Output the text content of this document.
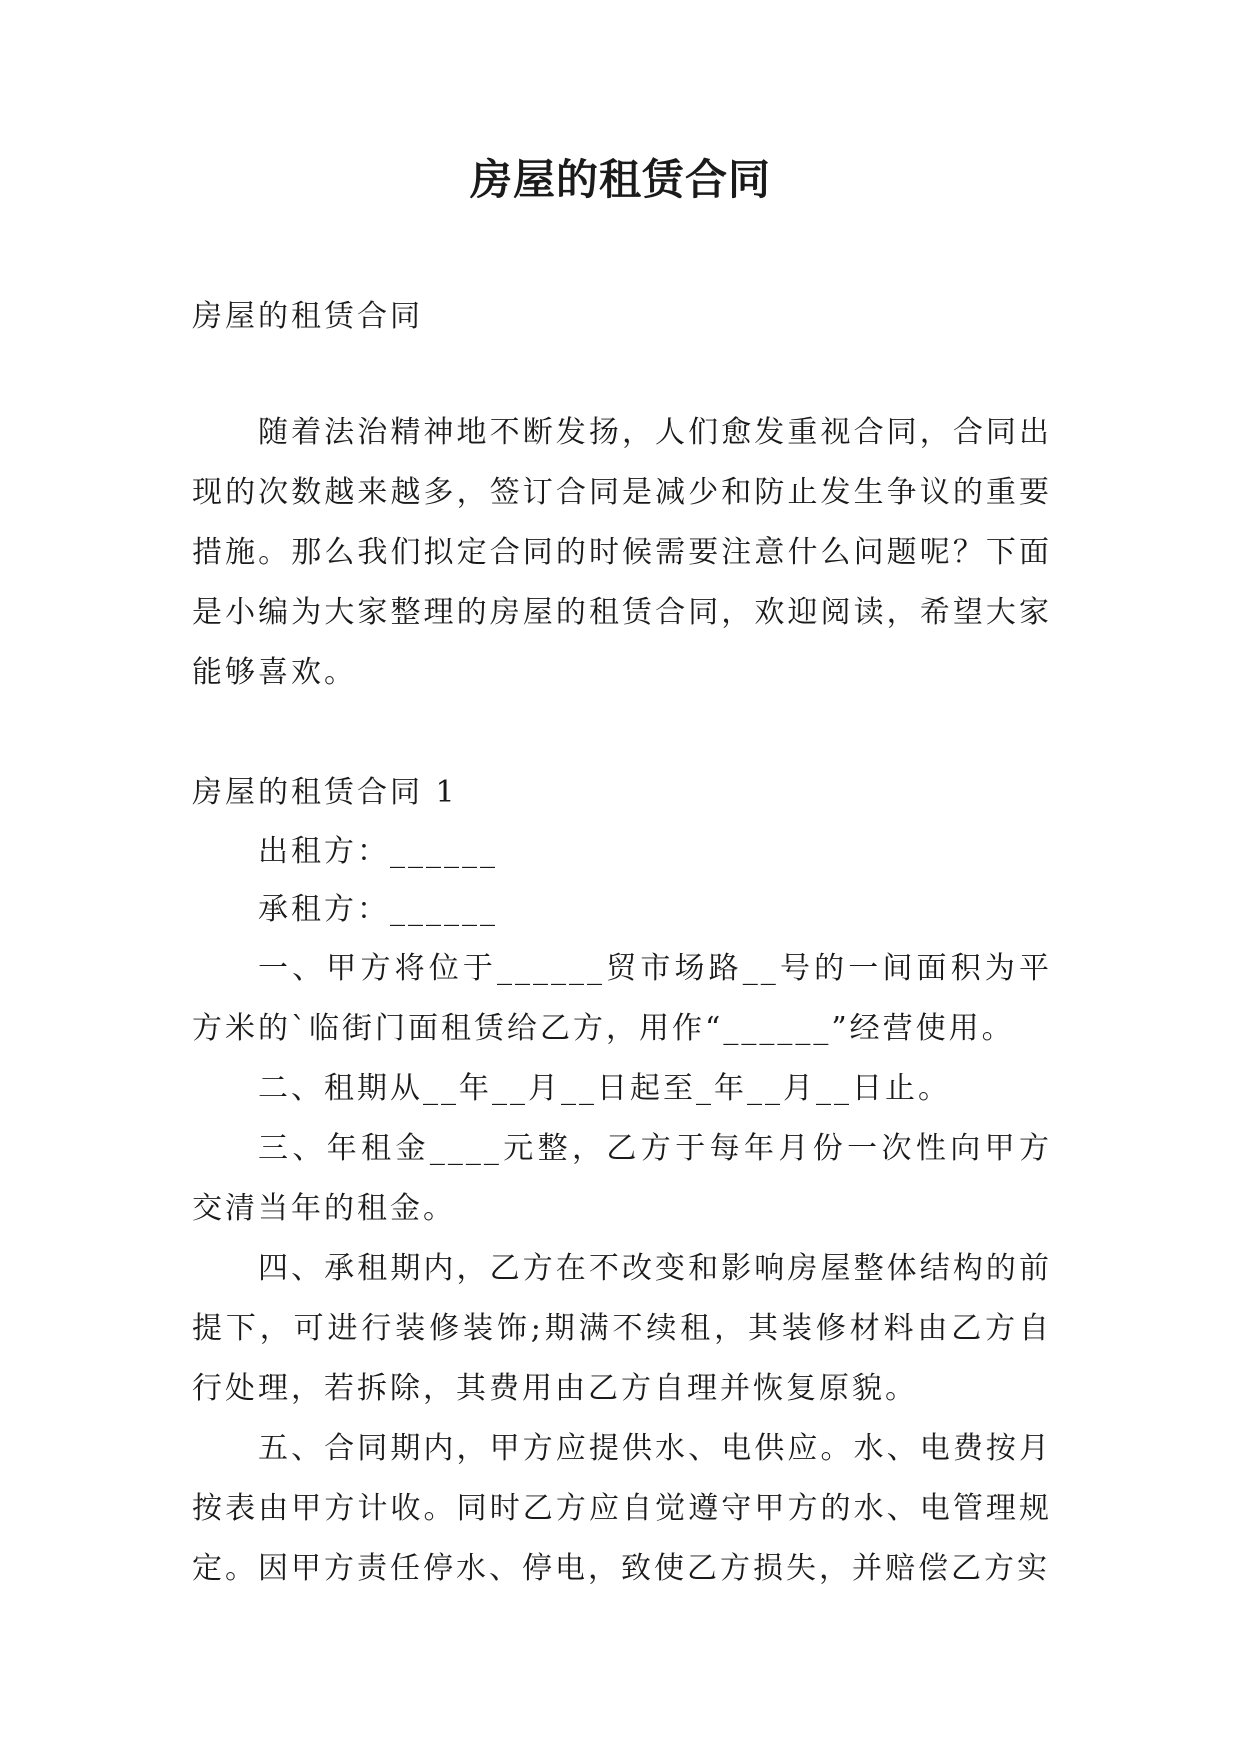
房屋的租赁合同

房屋的租赁合同

随着法治精神地不断发扬，人们愈发重视合同，合同出现的次数越来越多，签订合同是减少和防止发生争议的重要措施。那么我们拟定合同的时候需要注意什么问题呢？下面是小编为大家整理的房屋的租赁合同，欢迎阅读，希望大家能够喜欢。

房屋的租赁合同 1

出租方：______

承租方：______

一、甲方将位于______贸市场路__号的一间面积为平方米的`临街门面租赁给乙方，用作“______”经营使用。

二、租期从__年__月__日起至_年__月__日止。

三、年租金____元整，乙方于每年月份一次性向甲方交清当年的租金。

四、承租期内，乙方在不改变和影响房屋整体结构的前提下，可进行装修装饰;期满不续租，其装修材料由乙方自行处理，若拆除，其费用由乙方自理并恢复原貌。

五、合同期内，甲方应提供水、电供应。水、电费按月按表由甲方计收。同时乙方应自觉遵守甲方的水、电管理规定。因甲方责任停水、停电，致使乙方损失，并赔偿乙方实
